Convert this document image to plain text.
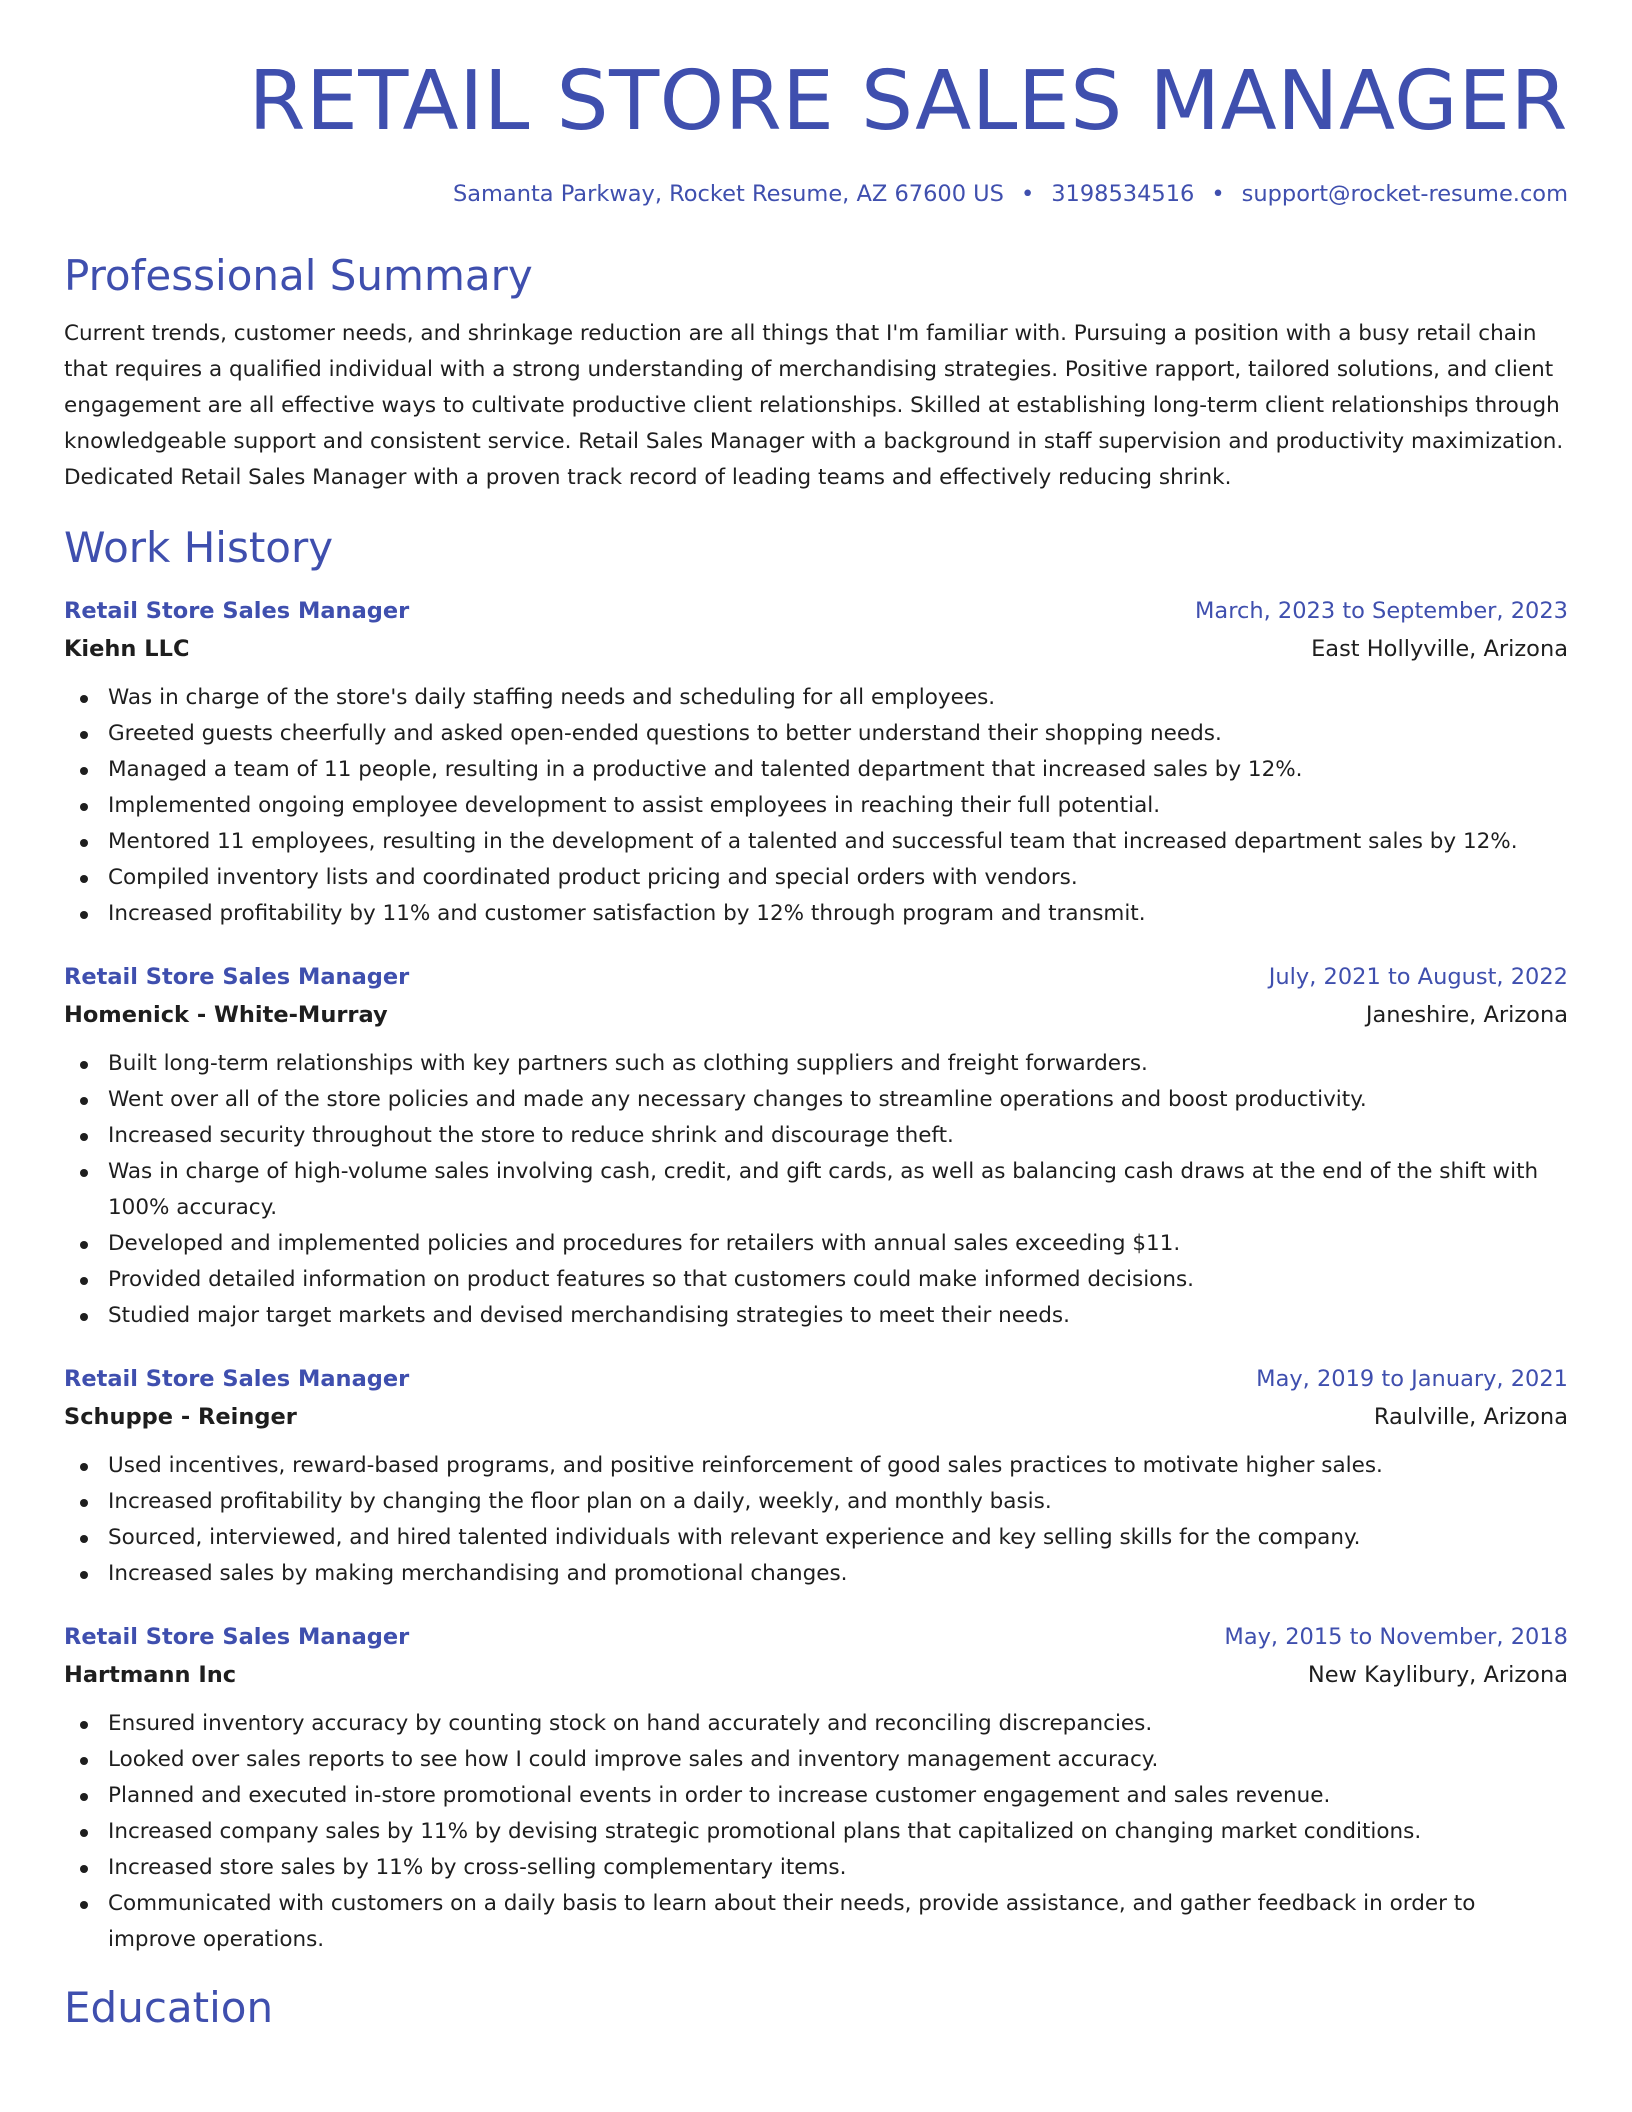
RETAIL STORE SALES MANAGER
Samanta Parkway, Rocket Resume, AZ 67600 US • 3198534516 • support@rocket-resume.com
Professional Summary

Current trends, customer needs, and shrinkage reduction are all things that I'm familiar with. Pursuing a position with a busy retail chain that requires a qualified individual with a strong understanding of merchandising strategies. Positive rapport, tailored solutions, and client engagement are all effective ways to cultivate productive client relationships. Skilled at establishing long-term client relationships through knowledgeable support and consistent service. Retail Sales Manager with a background in staff supervision and productivity maximization. Dedicated Retail Sales Manager with a proven track record of leading teams and effectively reducing shrink.

Work History
Retail Store Sales Manager	March, 2023 to September, 2023
Kiehn LLC	East Hollyville, Arizona
Was in charge of the store's daily staffing needs and scheduling for all employees.
Greeted guests cheerfully and asked open-ended questions to better understand their shopping needs.
Managed a team of 11 people, resulting in a productive and talented department that increased sales by 12%.
Implemented ongoing employee development to assist employees in reaching their full potential.
Mentored 11 employees, resulting in the development of a talented and successful team that increased department sales by 12%.
Compiled inventory lists and coordinated product pricing and special orders with vendors.
Increased profitability by 11% and customer satisfaction by 12% through program and transmit.
Retail Store Sales Manager	July, 2021 to August, 2022
Homenick - White-Murray	Janeshire, Arizona
Built long-term relationships with key partners such as clothing suppliers and freight forwarders.
Went over all of the store policies and made any necessary changes to streamline operations and boost productivity.
Increased security throughout the store to reduce shrink and discourage theft.
Was in charge of high-volume sales involving cash, credit, and gift cards, as well as balancing cash draws at the end of the shift with 100% accuracy.
Developed and implemented policies and procedures for retailers with annual sales exceeding $11.
Provided detailed information on product features so that customers could make informed decisions.
Studied major target markets and devised merchandising strategies to meet their needs.
Retail Store Sales Manager	May, 2019 to January, 2021
Schuppe - Reinger	Raulville, Arizona
Used incentives, reward-based programs, and positive reinforcement of good sales practices to motivate higher sales.
Increased profitability by changing the floor plan on a daily, weekly, and monthly basis.
Sourced, interviewed, and hired talented individuals with relevant experience and key selling skills for the company.
Increased sales by making merchandising and promotional changes.
Retail Store Sales Manager	May, 2015 to November, 2018
Hartmann Inc	New Kaylibury, Arizona
Ensured inventory accuracy by counting stock on hand accurately and reconciling discrepancies.
Looked over sales reports to see how I could improve sales and inventory management accuracy.
Planned and executed in-store promotional events in order to increase customer engagement and sales revenue.
Increased company sales by 11% by devising strategic promotional plans that capitalized on changing market conditions.
Increased store sales by 11% by cross-selling complementary items.
Communicated with customers on a daily basis to learn about their needs, provide assistance, and gather feedback in order to improve operations.
Education
